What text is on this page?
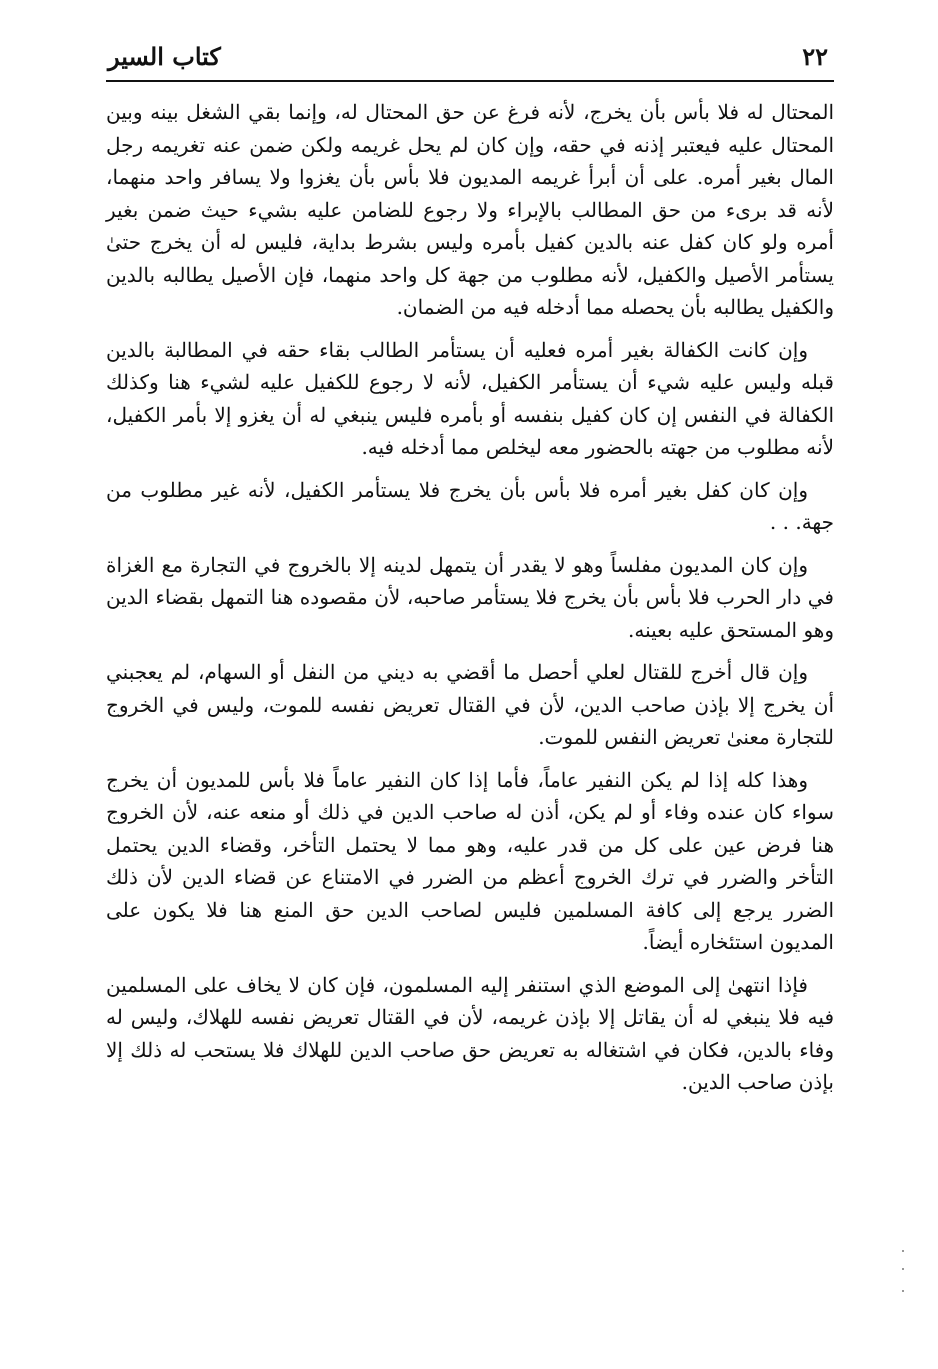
٢٢
كتاب السير

المحتال له فلا بأس بأن يخرج، لأنه فرغ عن حق المحتال له، وإنما بقي الشغل بينه وبين المحتال عليه فيعتبر إذنه في حقه، وإن كان لم يحل غريمه ولكن ضمن عنه تغريمه رجل المال بغير أمره. على أن أبرأ غريمه المديون فلا بأس بأن يغزوا ولا يسافر واحد منهما، لأنه قد برىء من حق المطالب بالإبراء ولا رجوع للضامن عليه بشيء حيث ضمن بغير أمره ولو كان كفل عنه بالدين كفيل بأمره وليس بشرط بداية، فليس له أن يخرج حتىٰ يستأمر الأصيل والكفيل، لأنه مطلوب من جهة كل واحد منهما، فإن الأصيل يطالبه بالدين والكفيل يطالبه بأن يحصله مما أدخله فيه من الضمان.

وإن كانت الكفالة بغير أمره فعليه أن يستأمر الطالب بقاء حقه في المطالبة بالدين قبله وليس عليه شيء أن يستأمر الكفيل، لأنه لا رجوع للكفيل عليه لشيء هنا وكذلك الكفالة في النفس إن كان كفيل بنفسه أو بأمره فليس ينبغي له أن يغزو إلا بأمر الكفيل، لأنه مطلوب من جهته بالحضور معه ليخلص مما أدخله فيه.

وإن كان كفل بغير أمره فلا بأس بأن يخرج فلا يستأمر الكفيل، لأنه غير مطلوب من جهة. . .

وإن كان المديون مفلساً وهو لا يقدر أن يتمهل لدينه إلا بالخروج في التجارة مع الغزاة في دار الحرب فلا بأس بأن يخرج فلا يستأمر صاحبه، لأن مقصوده هنا التمهل بقضاء الدين وهو المستحق عليه بعينه.

وإن قال أخرج للقتال لعلي أحصل ما أقضي به ديني من النفل أو السهام، لم يعجبني أن يخرج إلا بإذن صاحب الدين، لأن في القتال تعريض نفسه للموت، وليس في الخروج للتجارة معنىٰ تعريض النفس للموت.

وهذا كله إذا لم يكن النفير عاماً، فأما إذا كان النفير عاماً فلا بأس للمديون أن يخرج سواء كان عنده وفاء أو لم يكن، أذن له صاحب الدين في ذلك أو منعه عنه، لأن الخروج هنا فرض عين على كل من قدر عليه، وهو مما لا يحتمل التأخر، وقضاء الدين يحتمل التأخر والضرر في ترك الخروج أعظم من الضرر في الامتناع عن قضاء الدين لأن ذلك الضرر يرجع إلى كافة المسلمين فليس لصاحب الدين حق المنع هنا فلا يكون على المديون استئخاره أيضاً.

فإذا انتهىٰ إلى الموضع الذي استنفر إليه المسلمون، فإن كان لا يخاف على المسلمين فيه فلا ينبغي له أن يقاتل إلا بإذن غريمه، لأن في القتال تعريض نفسه للهلاك، وليس له وفاء بالدين، فكان في اشتغاله به تعريض حق صاحب الدين للهلاك فلا يستحب له ذلك إلا بإذن صاحب الدين.
